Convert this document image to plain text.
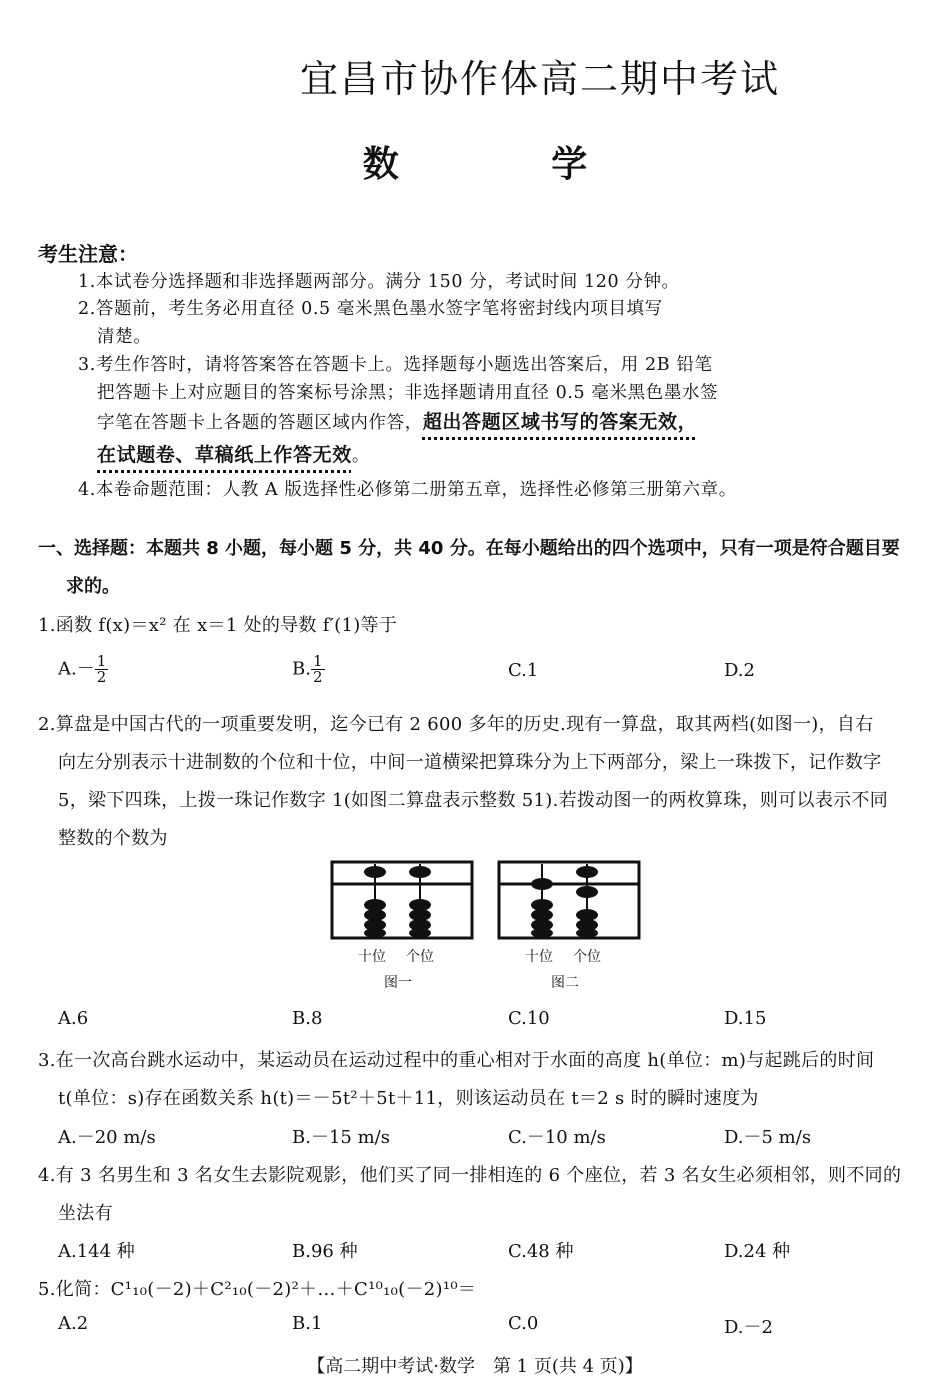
宜昌市协作体高二期中考试
数 学
考生注意：
1.本试卷分选择题和非选择题两部分。满分 150 分，考试时间 120 分钟。
2.答题前，考生务必用直径 0.5 毫米黑色墨水签字笔将密封线内项目填写
清楚。
3.考生作答时，请将答案答在答题卡上。选择题每小题选出答案后，用 2B 铅笔
把答题卡上对应题目的答案标号涂黑；非选择题请用直径 0.5 毫米黑色墨水签
字笔在答题卡上各题的答题区域内作答，超出答题区域书写的答案无效，
在试题卷、草稿纸上作答无效。
4.本卷命题范围：人教 A 版选择性必修第二册第五章，选择性必修第三册第六章。
一、选择题：本题共 8 小题，每小题 5 分，共 40 分。在每小题给出的四个选项中，只有一项是符合题目要
求的。
1.函数 f(x)＝x² 在 x＝1 处的导数 f′(1)等于
$A.- \frac{1}{2}$	B. $\frac{1}{2}$	C.1	D.2
2.算盘是中国古代的一项重要发明，迄今已有 2 600 多年的历史.现有一算盘，取其两档(如图一)，自右
向左分别表示十进制数的个位和十位，中间一道横梁把算珠分为上下两部分，梁上一珠拨下，记作数字
5，梁下四珠，上拨一珠记作数字 1(如图二算盘表示整数 51).若拨动图一的两枚算珠，则可以表示不同
整数的个数为
十位 个位
图一
十位 个位
图二
A.6	B.8	C.10	D.15
3.在一次高台跳水运动中，某运动员在运动过程中的重心相对于水面的高度 h(单位：m)与起跳后的时间
t(单位：s)存在函数关系 h(t)＝－5t²＋5t＋11，则该运动员在 t＝2 s 时的瞬时速度为
A.－20 m/s	B.－15 m/s	C.－10 m/s	D.－5 m/s
4.有 3 名男生和 3 名女生去影院观影，他们买了同一排相连的 6 个座位，若 3 名女生必须相邻，则不同的
坐法有
A.144 种	B.96 种	C.48 种	D.24 种
5.化简：C¹₁₀(－2)＋C²₁₀(－2)²＋…＋C¹⁰₁₀(－2)¹⁰＝
A.2	B.1	C.0	D.－2
【高二期中考试·数学　第 1 页(共 4 页)】
